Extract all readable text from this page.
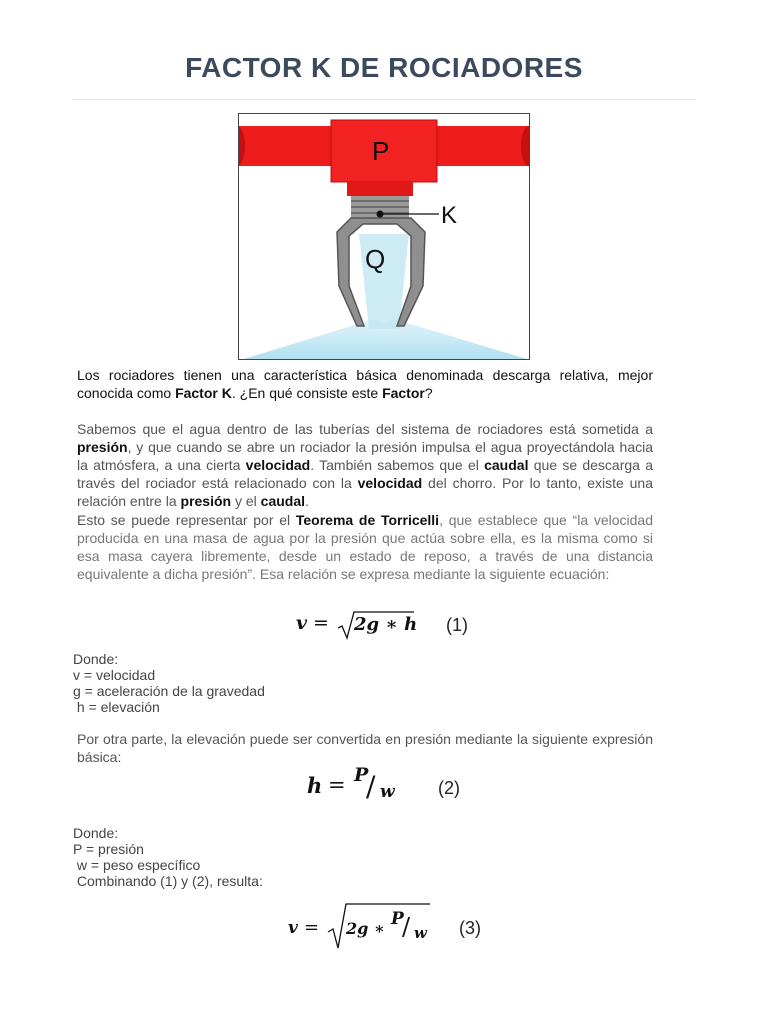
FACTOR K DE ROCIADORES
P
K
Q
Los rociadores tienen una característica básica denominada descarga relativa, mejor conocida como Factor K. ¿En qué consiste este Factor?
Sabemos que el agua dentro de las tuberías del sistema de rociadores está sometida a presión, y que cuando se abre un rociador la presión impulsa el agua proyectándola hacia la atmósfera, a una cierta velocidad. También sabemos que el caudal que se descarga a través del rociador está relacionado con la velocidad del chorro. Por lo tanto, existe una relación entre la presión y el caudal.
Esto se puede representar por el Teorema de Torricelli, que establece que “la velocidad producida en una masa de agua por la presión que actúa sobre ella, es la misma como si esa masa cayera libremente, desde un estado de reposo, a través de una distancia equivalente a dicha presión”. Esa relación se expresa mediante la siguiente ecuación:
v = 2g ∗ h (1)
Donde:
v = velocidad
g = aceleración de la gravedad
h = elevación
Por otra parte, la elevación puede ser convertida en presión mediante la siguiente expresión básica:
h = P
/ w (2)
Donde:
P = presión
w = peso específico
Combinando (1) y (2), resulta:
v = 2g ∗ P
/ w (3)
